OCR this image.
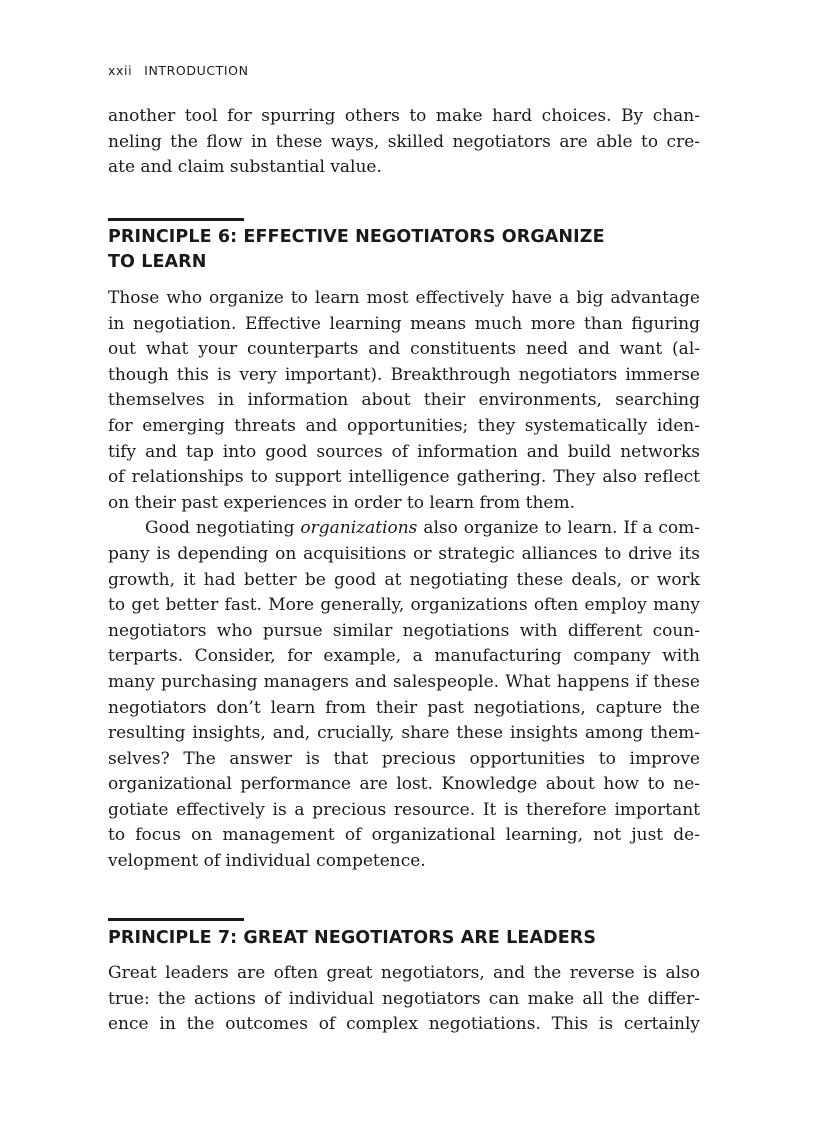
xxii INTRODUCTION
another tool for spurring others to make hard choices. By chan-
neling the flow in these ways, skilled negotiators are able to cre-
ate and claim substantial value.
PRINCIPLE 6: EFFECTIVE NEGOTIATORS ORGANIZE
TO LEARN
Those who organize to learn most effectively have a big advantage
in negotiation. Effective learning means much more than figuring
out what your counterparts and constituents need and want (al-
though this is very important). Breakthrough negotiators immerse
themselves in information about their environments, searching
for emerging threats and opportunities; they systematically iden-
tify and tap into good sources of information and build networks
of relationships to support intelligence gathering. They also reflect
on their past experiences in order to learn from them.
Good negotiating organizations also organize to learn. If a com-
pany is depending on acquisitions or strategic alliances to drive its
growth, it had better be good at negotiating these deals, or work
to get better fast. More generally, organizations often employ many
negotiators who pursue similar negotiations with different coun-
terparts. Consider, for example, a manufacturing company with
many purchasing managers and salespeople. What happens if these
negotiators don’t learn from their past negotiations, capture the
resulting insights, and, crucially, share these insights among them-
selves? The answer is that precious opportunities to improve
organizational performance are lost. Knowledge about how to ne-
gotiate effectively is a precious resource. It is therefore important
to focus on management of organizational learning, not just de-
velopment of individual competence.
PRINCIPLE 7: GREAT NEGOTIATORS ARE LEADERS
Great leaders are often great negotiators, and the reverse is also
true: the actions of individual negotiators can make all the differ-
ence in the outcomes of complex negotiations. This is certainly
